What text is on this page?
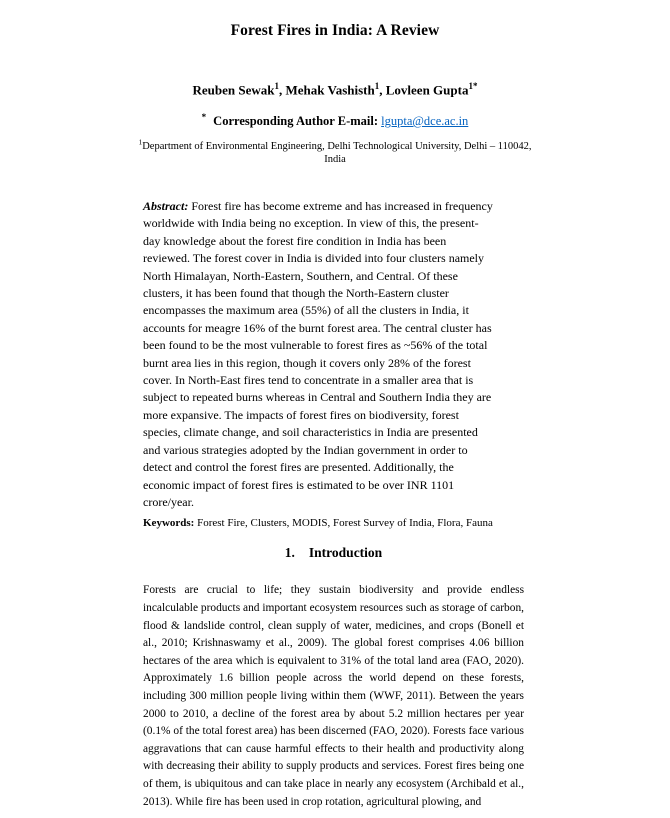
Forest Fires in India: A Review
Reuben Sewak$^1$, Mehak Vashisth$^1$, Lovleen Gupta$^{1*}$
* Corresponding Author E-mail: lgupta@dce.ac.in
$^1$Department of Environmental Engineering, Delhi Technological University, Delhi – 110042,
India

Abstract: Forest fire has become extreme and has increased in frequency worldwide with India being no exception. In view of this, the present-day knowledge about the forest fire condition in India has been reviewed. The forest cover in India is divided into four clusters namely North Himalayan, North-Eastern, Southern, and Central. Of these clusters, it has been found that though the North-Eastern cluster encompasses the maximum area (55%) of all the clusters in India, it accounts for meagre 16% of the burnt forest area. The central cluster has been found to be the most vulnerable to forest fires as ~56% of the total burnt area lies in this region, though it covers only 28% of the forest cover. In North-East fires tend to concentrate in a smaller area that is subject to repeated burns whereas in Central and Southern India they are more expansive. The impacts of forest fires on biodiversity, forest species, climate change, and soil characteristics in India are presented and various strategies adopted by the Indian government in order to detect and control the forest fires are presented. Additionally, the economic impact of forest fires is estimated to be over INR 1101 crore/year.

Keywords: Forest Fire, Clusters, MODIS, Forest Survey of India, Flora, Fauna

1. Introduction

Forests are crucial to life; they sustain biodiversity and provide endless incalculable products and important ecosystem resources such as storage of carbon, flood & landslide control, clean supply of water, medicines, and crops (Bonell et al., 2010; Krishnaswamy et al., 2009). The global forest comprises 4.06 billion hectares of the area which is equivalent to 31% of the total land area (FAO, 2020). Approximately 1.6 billion people across the world depend on these forests, including 300 million people living within them (WWF, 2011). Between the years 2000 to 2010, a decline of the forest area by about 5.2 million hectares per year (0.1% of the total forest area) has been discerned (FAO, 2020). Forests face various aggravations that can cause harmful effects to their health and productivity along with decreasing their ability to supply products and services. Forest fires being one of them, is ubiquitous and can take place in nearly any ecosystem (Archibald et al., 2013). While fire has been used in crop rotation, agricultural plowing, and
